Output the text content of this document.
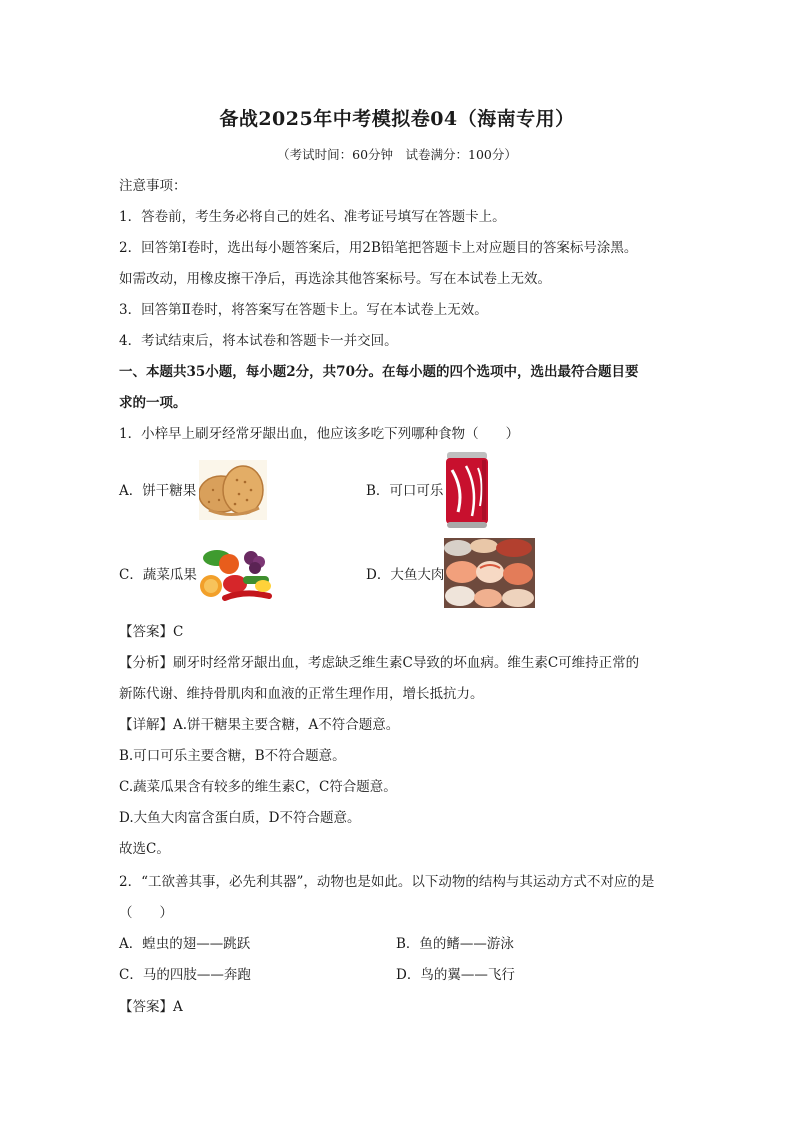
备战2025年中考模拟卷04（海南专用）
（考试时间：60分钟　试卷满分：100分）
注意事项：
1．答卷前，考生务必将自己的姓名、准考证号填写在答题卡上。
2．回答第Ⅰ卷时，选出每小题答案后，用2B铅笔把答题卡上对应题目的答案标号涂黑。
如需改动，用橡皮擦干净后，再选涂其他答案标号。写在本试卷上无效。
3．回答第Ⅱ卷时，将答案写在答题卡上。写在本试卷上无效。
4．考试结束后，将本试卷和答题卡一并交回。
一、本题共35小题，每小题2分，共70分。在每小题的四个选项中，选出最符合题目要
求的一项。
1．小梓早上刷牙经常牙龈出血，他应该多吃下列哪种食物（　　）
A．饼干糖果	B．可口可乐
C．蔬菜瓜果	D．大鱼大肉
【答案】C
【分析】刷牙时经常牙龈出血，考虑缺乏维生素C导致的坏血病。维生素C可维持正常的
新陈代谢、维持骨肌肉和血液的正常生理作用，增长抵抗力。
【详解】A.饼干糖果主要含糖，A不符合题意。
B.可口可乐主要含糖，B不符合题意。
C.蔬菜瓜果含有较多的维生素C，C符合题意。
D.大鱼大肉富含蛋白质，D不符合题意。
故选C。
2．“工欲善其事，必先利其器”，动物也是如此。以下动物的结构与其运动方式不对应的是
（　　）
A．蝗虫的翅——跳跃	B．鱼的鳍——游泳
C．马的四肢——奔跑	D．鸟的翼——飞行
【答案】A
